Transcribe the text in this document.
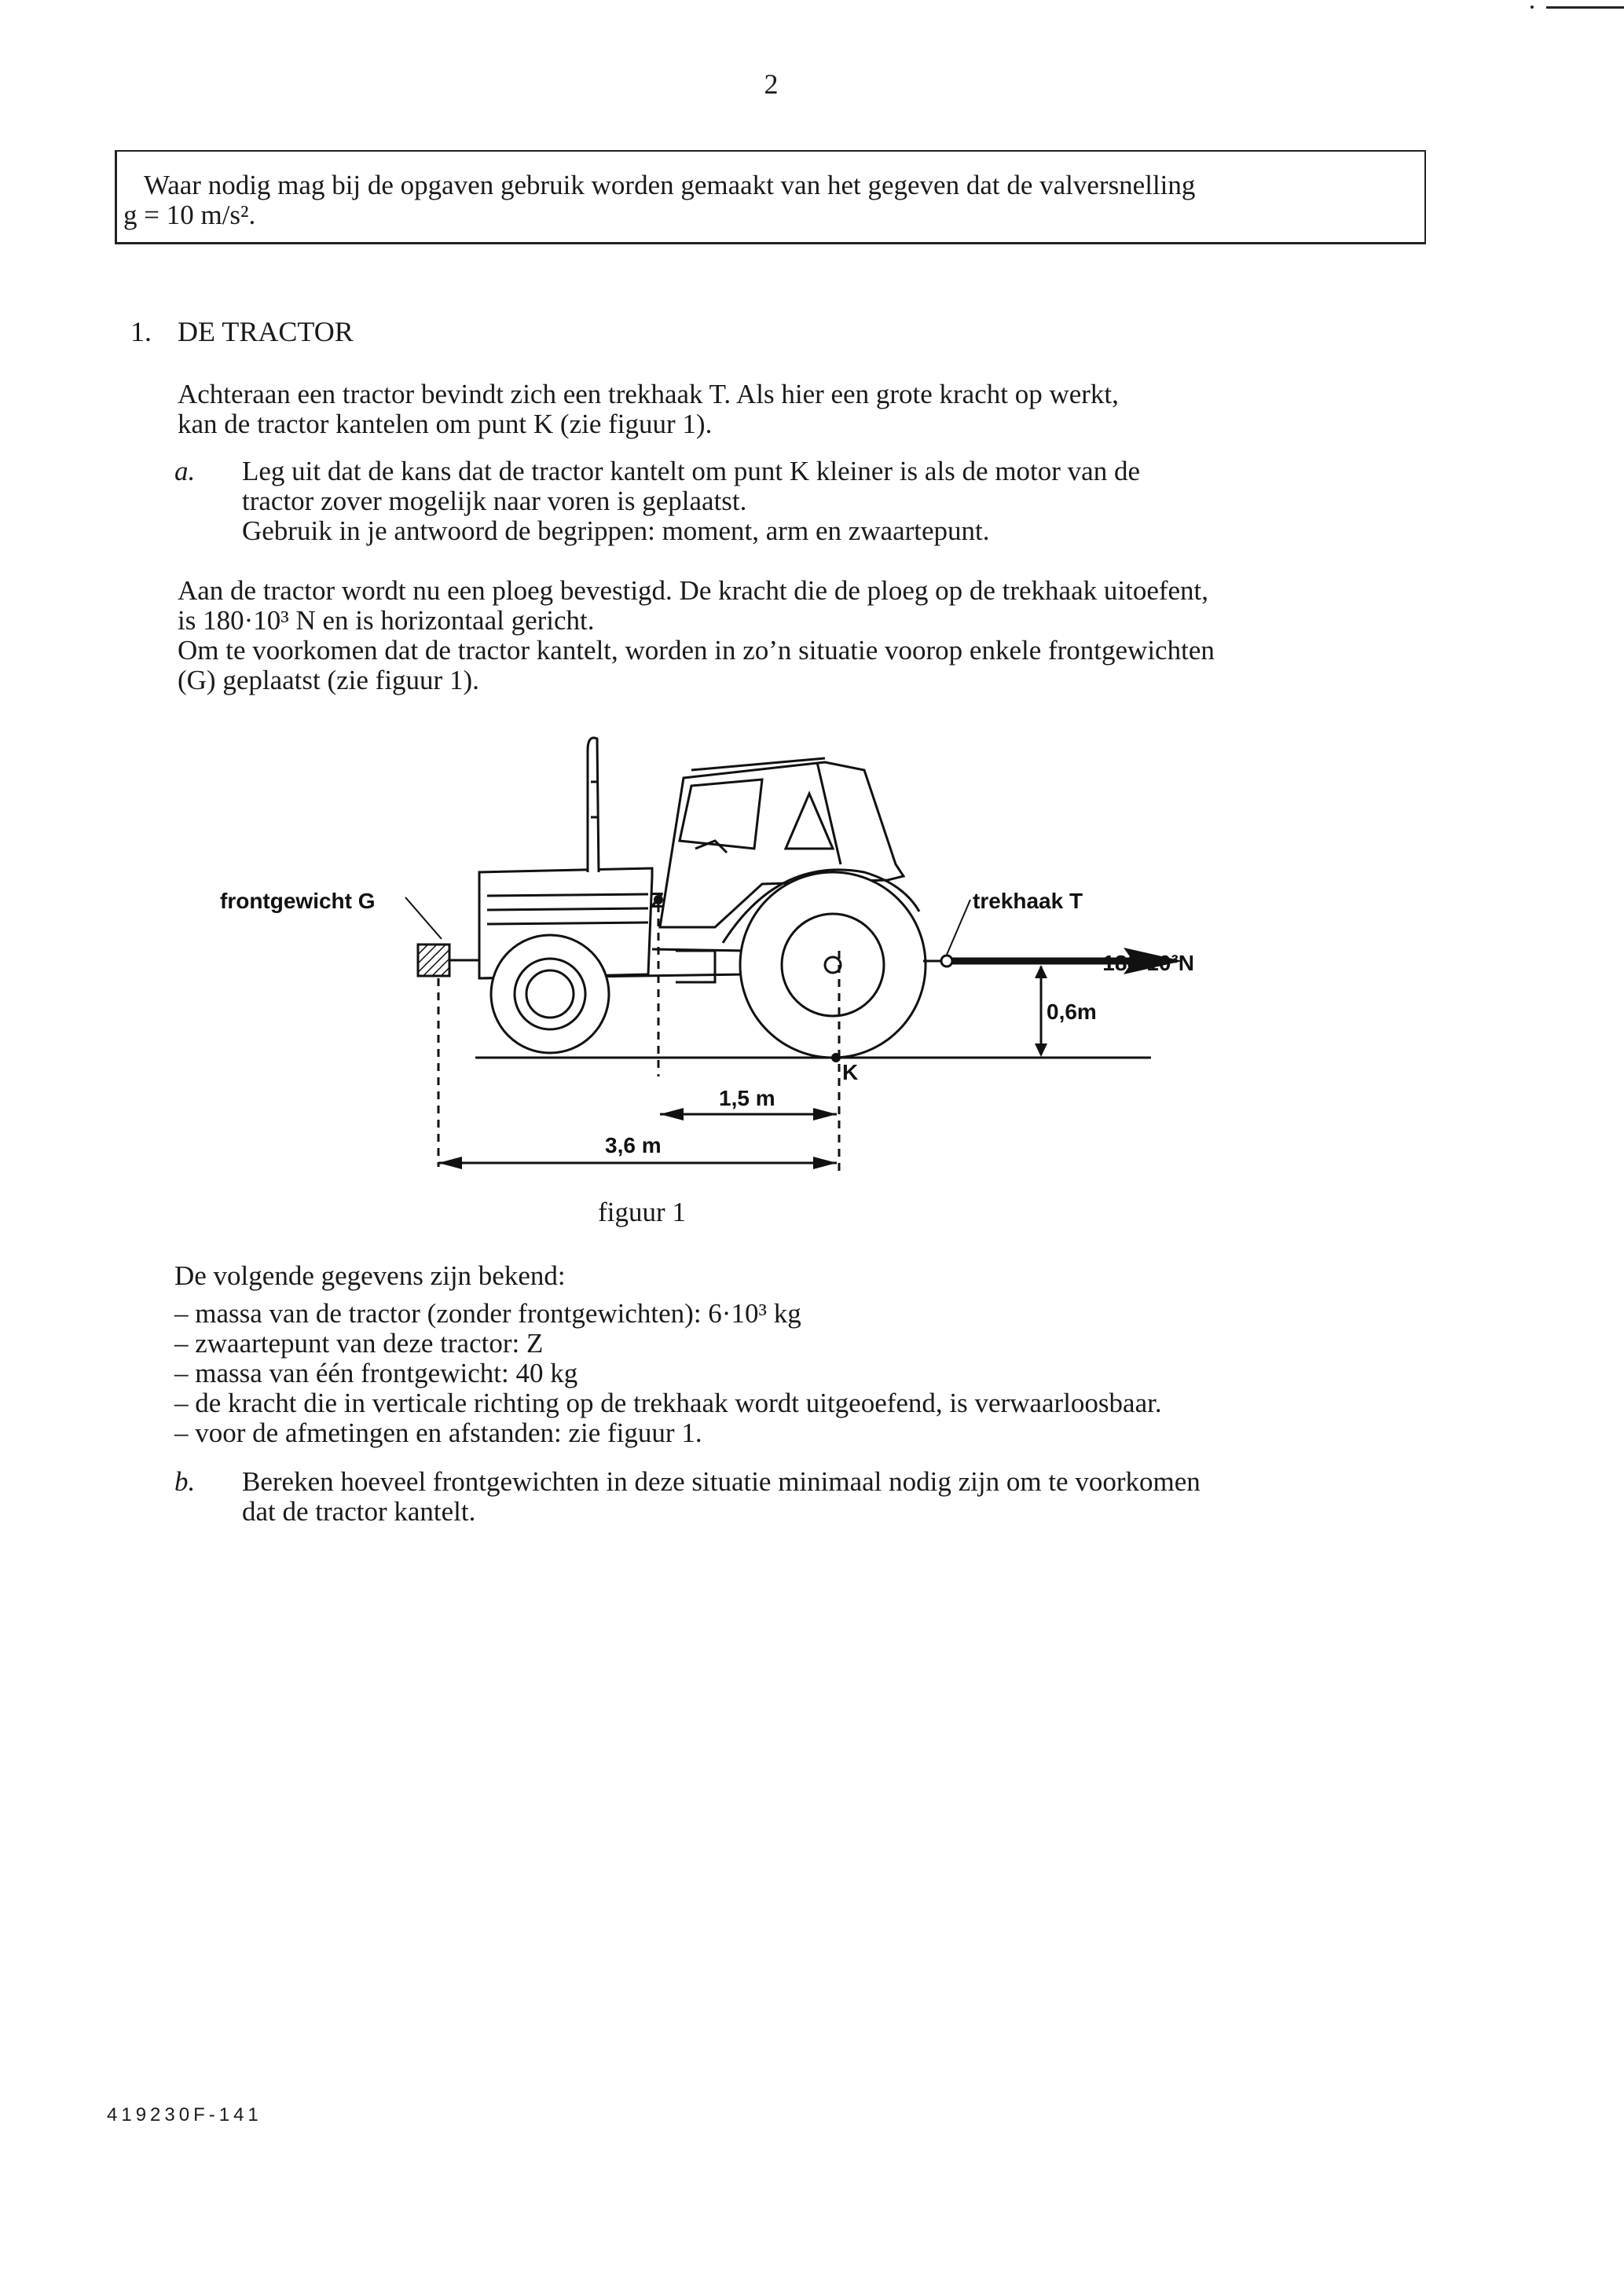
2
Waar nodig mag bij de opgaven gebruik worden gemaakt van het gegeven dat de valversnelling
g = 10 m/s².
1. DE TRACTOR
Achteraan een tractor bevindt zich een trekhaak T. Als hier een grote kracht op werkt,
kan de tractor kantelen om punt K (zie figuur 1).
a. Leg uit dat de kans dat de tractor kantelt om punt K kleiner is als de motor van de
tractor zover mogelijk naar voren is geplaatst.
Gebruik in je antwoord de begrippen: moment, arm en zwaartepunt.
Aan de tractor wordt nu een ploeg bevestigd. De kracht die de ploeg op de trekhaak uitoefent,
is 180·10³ N en is horizontaal gericht.
Om te voorkomen dat de tractor kantelt, worden in zo’n situatie voorop enkele frontgewichten
(G) geplaatst (zie figuur 1).
frontgewicht G	Z	trekhaak T
180·10³N
0,6m
K
1,5 m
3,6 m
figuur 1
De volgende gegevens zijn bekend:
– massa van de tractor (zonder frontgewichten): 6·10³ kg
– zwaartepunt van deze tractor: Z
– massa van één frontgewicht: 40 kg
– de kracht die in verticale richting op de trekhaak wordt uitgeoefend, is verwaarloosbaar.
– voor de afmetingen en afstanden: zie figuur 1.
b. Bereken hoeveel frontgewichten in deze situatie minimaal nodig zijn om te voorkomen
dat de tractor kantelt.
419230F-141
